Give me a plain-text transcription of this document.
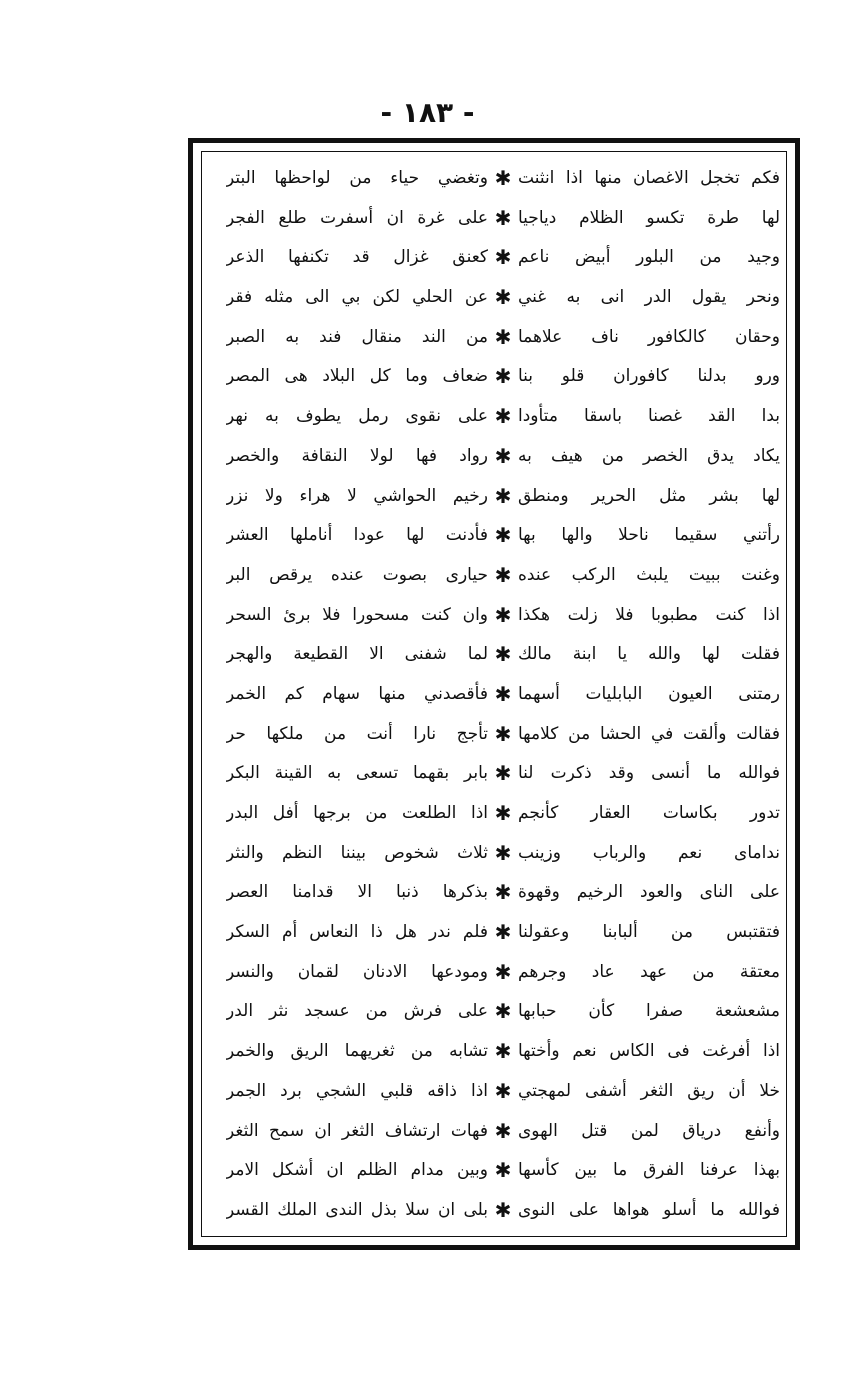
- ١٨٣ -
فكم تخجل الاغصان منها اذا انثنت
✱
وتغضي حياء من لواحظها البتر
لها طرة تكسو الظلام دياجيا
✱
على غرة ان أسفرت طلع الفجر
وجيد من البلور أبيض ناعم
✱
كعنق غزال قد تكنفها الذعر
ونحر يقول الدر انى به غني
✱
عن الحلي لكن بي الى مثله فقر
وحقان كالكافور ناف علاهما
✱
من الند منقال فند به الصبر
ورو بدلنا كافوران قلو بنا
✱
ضعاف وما كل البلاد هى المصر
بدا القد غصنا باسقا متأودا
✱
على نقوى رمل يطوف به نهر
يكاد يدق الخصر من هيف به
✱
رواد فها لولا النقافة والخصر
لها بشر مثل الحرير ومنطق
✱
رخيم الحواشي لا هراء ولا نزر
رأتني سقيما ناحلا والها بها
✱
فأدنت لها عودا أناملها العشر
وغنت ببيت يلبث الركب عنده
✱
حيارى بصوت عنده يرقص البر
اذا كنت مطبوبا فلا زلت هكذا
✱
وان كنت مسحورا فلا برئ السحر
فقلت لها والله يا ابنة مالك
✱
لما شفنى الا القطيعة والهجر
رمتنى العيون البابليات أسهما
✱
فأقصدني منها سهام كم الخمر
فقالت وألقت في الحشا من كلامها
✱
تأجج نارا أنت من ملكها حر
فوالله ما أنسى وقد ذكرت لنا
✱
بابر بقهما تسعى به القينة البكر
تدور بكاسات العقار كأنجم
✱
اذا الطلعت من برجها أفل البدر
ندامای نعم والرباب وزينب
✱
ثلاث شخوص بيننا النظم والنثر
على الناى والعود الرخيم وقهوة
✱
بذكرها ذنبا الا قدامنا العصر
فتقتبس من ألبابنا وعقولنا
✱
فلم ندر هل ذا النعاس أم السكر
معتقة من عهد عاد وجرهم
✱
ومودعها الادنان لقمان والنسر
مشعشعة صفرا كأن حبابها
✱
على فرش من عسجد نثر الدر
اذا أفرغت فى الكاس نعم وأختها
✱
تشابه من ثغريهما الريق والخمر
خلا أن ريق الثغر أشفى لمهجتي
✱
اذا ذاقه قلبي الشجي برد الجمر
وأنفع درياق لمن قتل الهوى
✱
فهات ارتشاف الثغر ان سمح الثغر
بهذا عرفنا الفرق ما بين كأسها
✱
وبين مدام الظلم ان أشكل الامر
فوالله ما أسلو هواها على النوى
✱
بلى ان سلا بذل الندى الملك القسر
